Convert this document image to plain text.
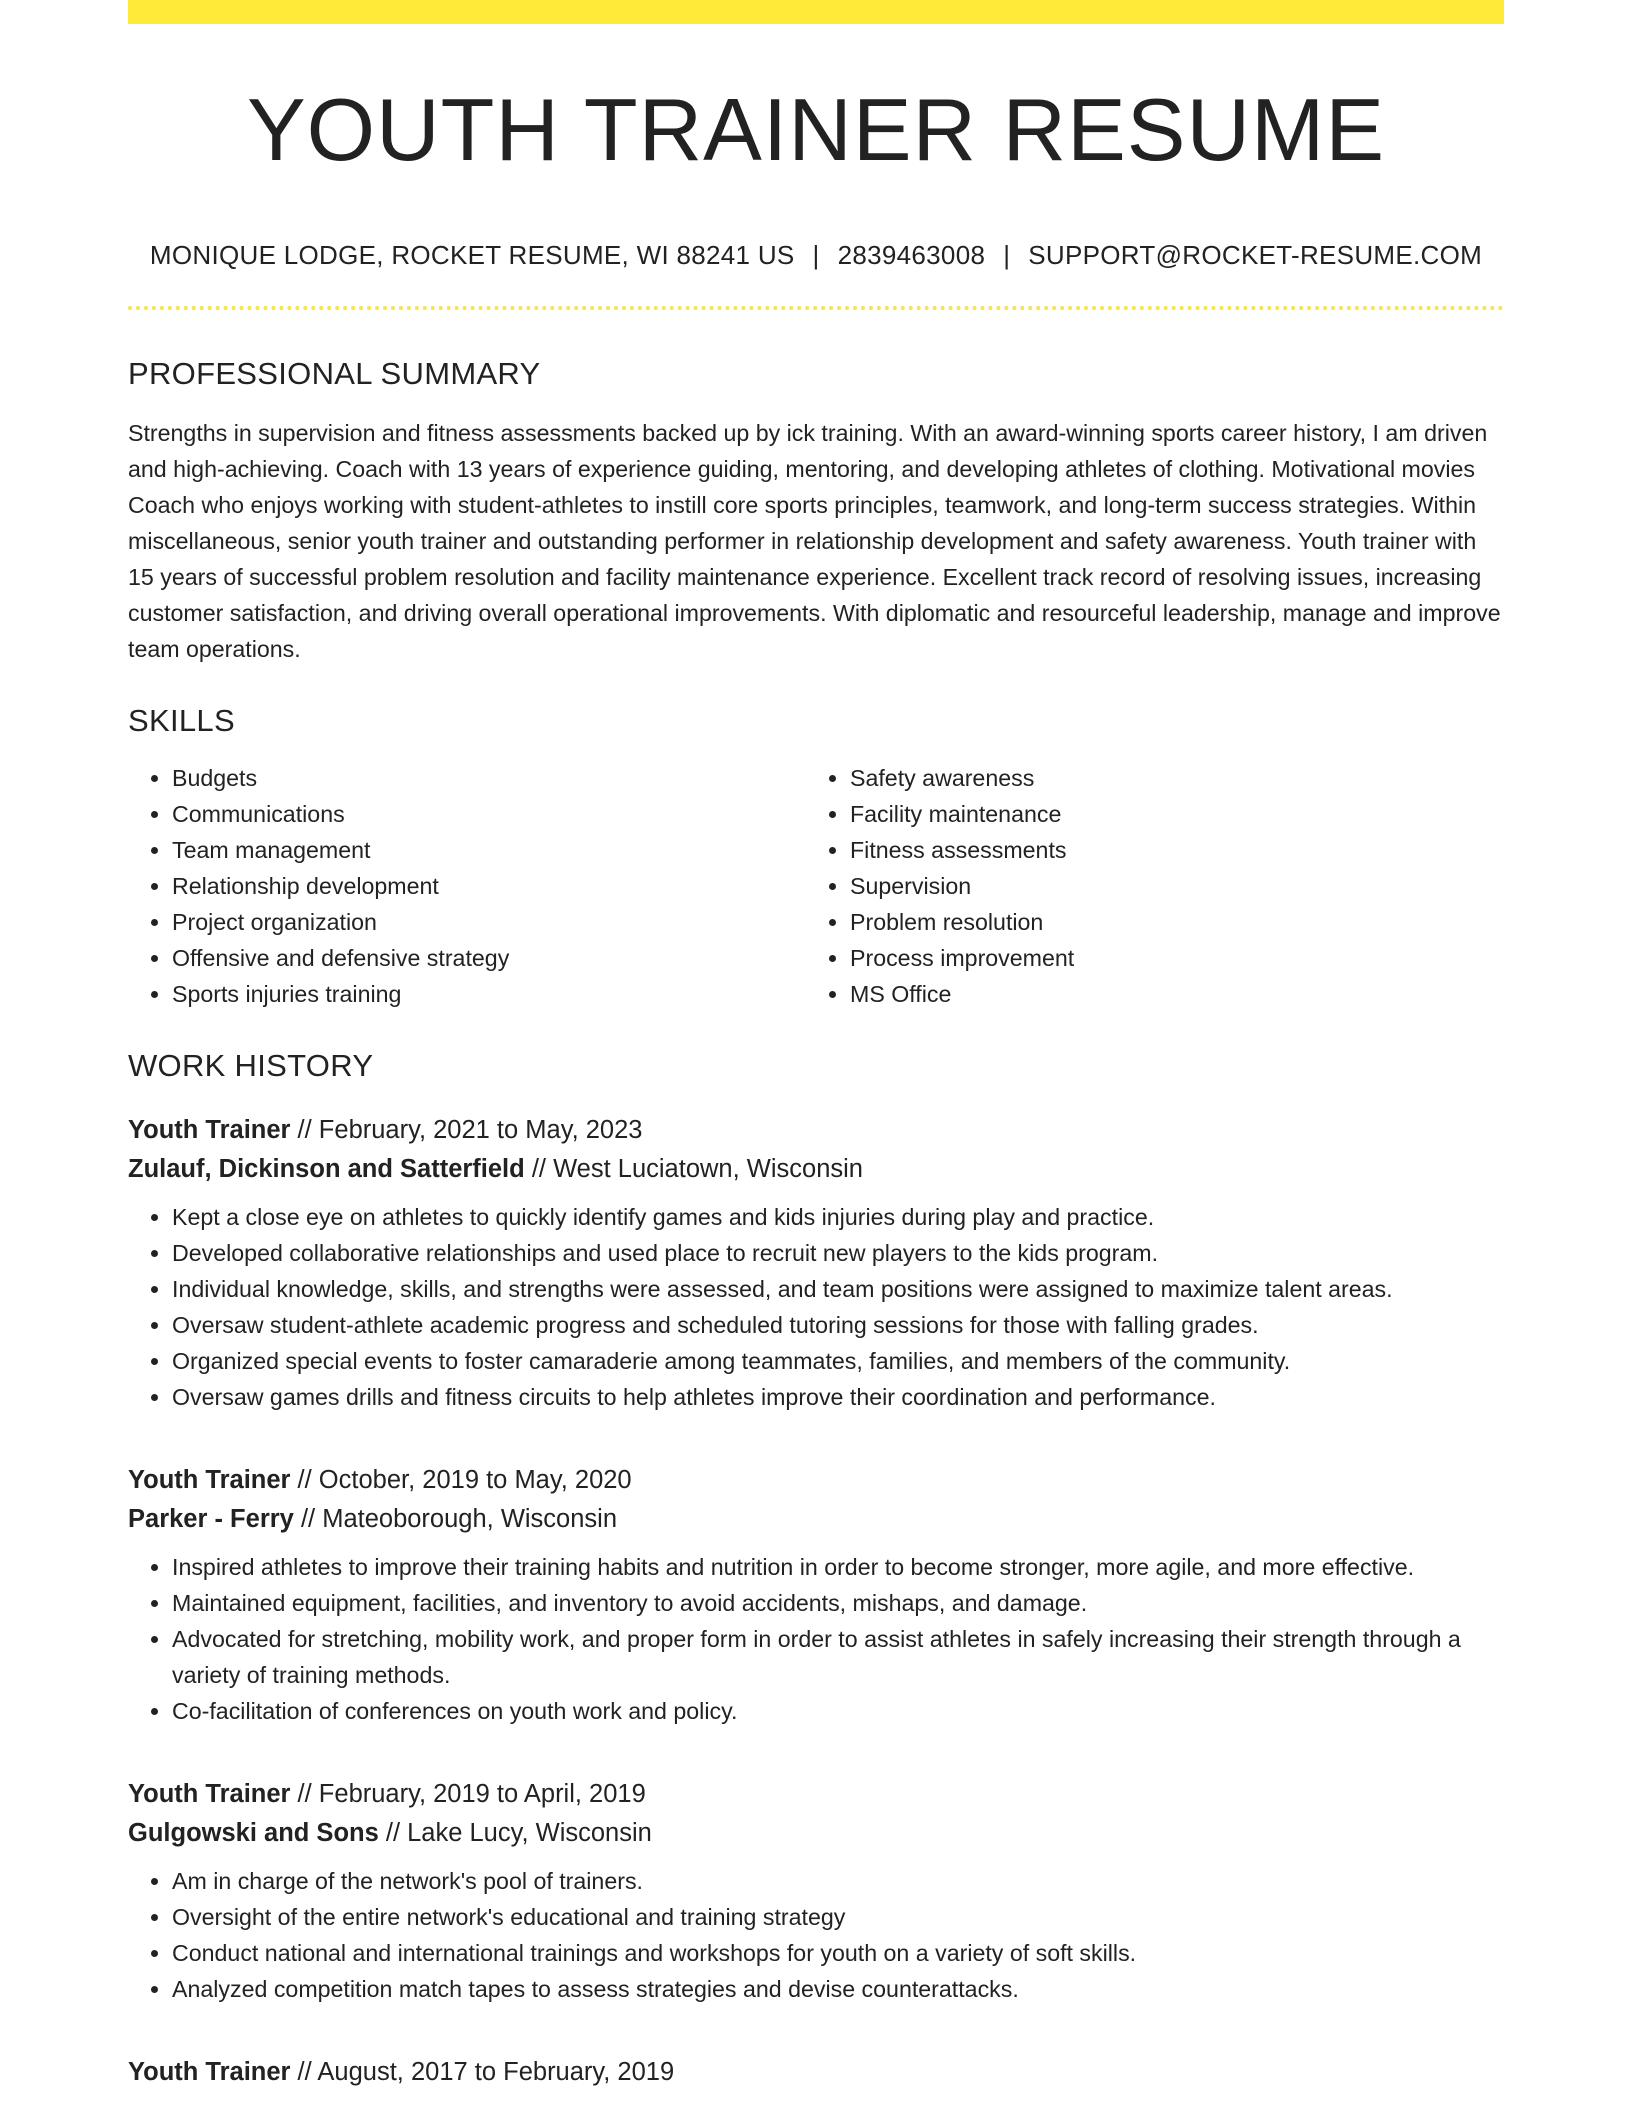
YOUTH TRAINER RESUME
MONIQUE LODGE, ROCKET RESUME, WI 88241 US | 2839463008 | SUPPORT@ROCKET-RESUME.COM
PROFESSIONAL SUMMARY

Strengths in supervision and fitness assessments backed up by ick training. With an award-winning sports career history, I am driven and high-achieving. Coach with 13 years of experience guiding, mentoring, and developing athletes of clothing. Motivational movies Coach who enjoys working with student-athletes to instill core sports principles, teamwork, and long-term success strategies. Within miscellaneous, senior youth trainer and outstanding performer in relationship development and safety awareness. Youth trainer with 15 years of successful problem resolution and facility maintenance experience. Excellent track record of resolving issues, increasing customer satisfaction, and driving overall operational improvements. With diplomatic and resourceful leadership, manage and improve team operations.

SKILLS
• Budgets
• Communications
• Team management
• Relationship development
• Project organization
• Offensive and defensive strategy
• Sports injuries training
• Safety awareness
• Facility maintenance
• Fitness assessments
• Supervision
• Problem resolution
• Process improvement
• MS Office
WORK HISTORY
Youth Trainer // February, 2021 to May, 2023
Zulauf, Dickinson and Satterfield // West Luciatown, Wisconsin
• Kept a close eye on athletes to quickly identify games and kids injuries during play and practice.
• Developed collaborative relationships and used place to recruit new players to the kids program.
• Individual knowledge, skills, and strengths were assessed, and team positions were assigned to maximize talent areas.
• Oversaw student-athlete academic progress and scheduled tutoring sessions for those with falling grades.
• Organized special events to foster camaraderie among teammates, families, and members of the community.
• Oversaw games drills and fitness circuits to help athletes improve their coordination and performance.
Youth Trainer // October, 2019 to May, 2020
Parker - Ferry // Mateoborough, Wisconsin
• Inspired athletes to improve their training habits and nutrition in order to become stronger, more agile, and more effective.
• Maintained equipment, facilities, and inventory to avoid accidents, mishaps, and damage.
• Advocated for stretching, mobility work, and proper form in order to assist athletes in safely increasing their strength through a variety of training methods.
• Co-facilitation of conferences on youth work and policy.
Youth Trainer // February, 2019 to April, 2019
Gulgowski and Sons // Lake Lucy, Wisconsin
• Am in charge of the network's pool of trainers.
• Oversight of the entire network's educational and training strategy
• Conduct national and international trainings and workshops for youth on a variety of soft skills.
• Analyzed competition match tapes to assess strategies and devise counterattacks.
Youth Trainer // August, 2017 to February, 2019
